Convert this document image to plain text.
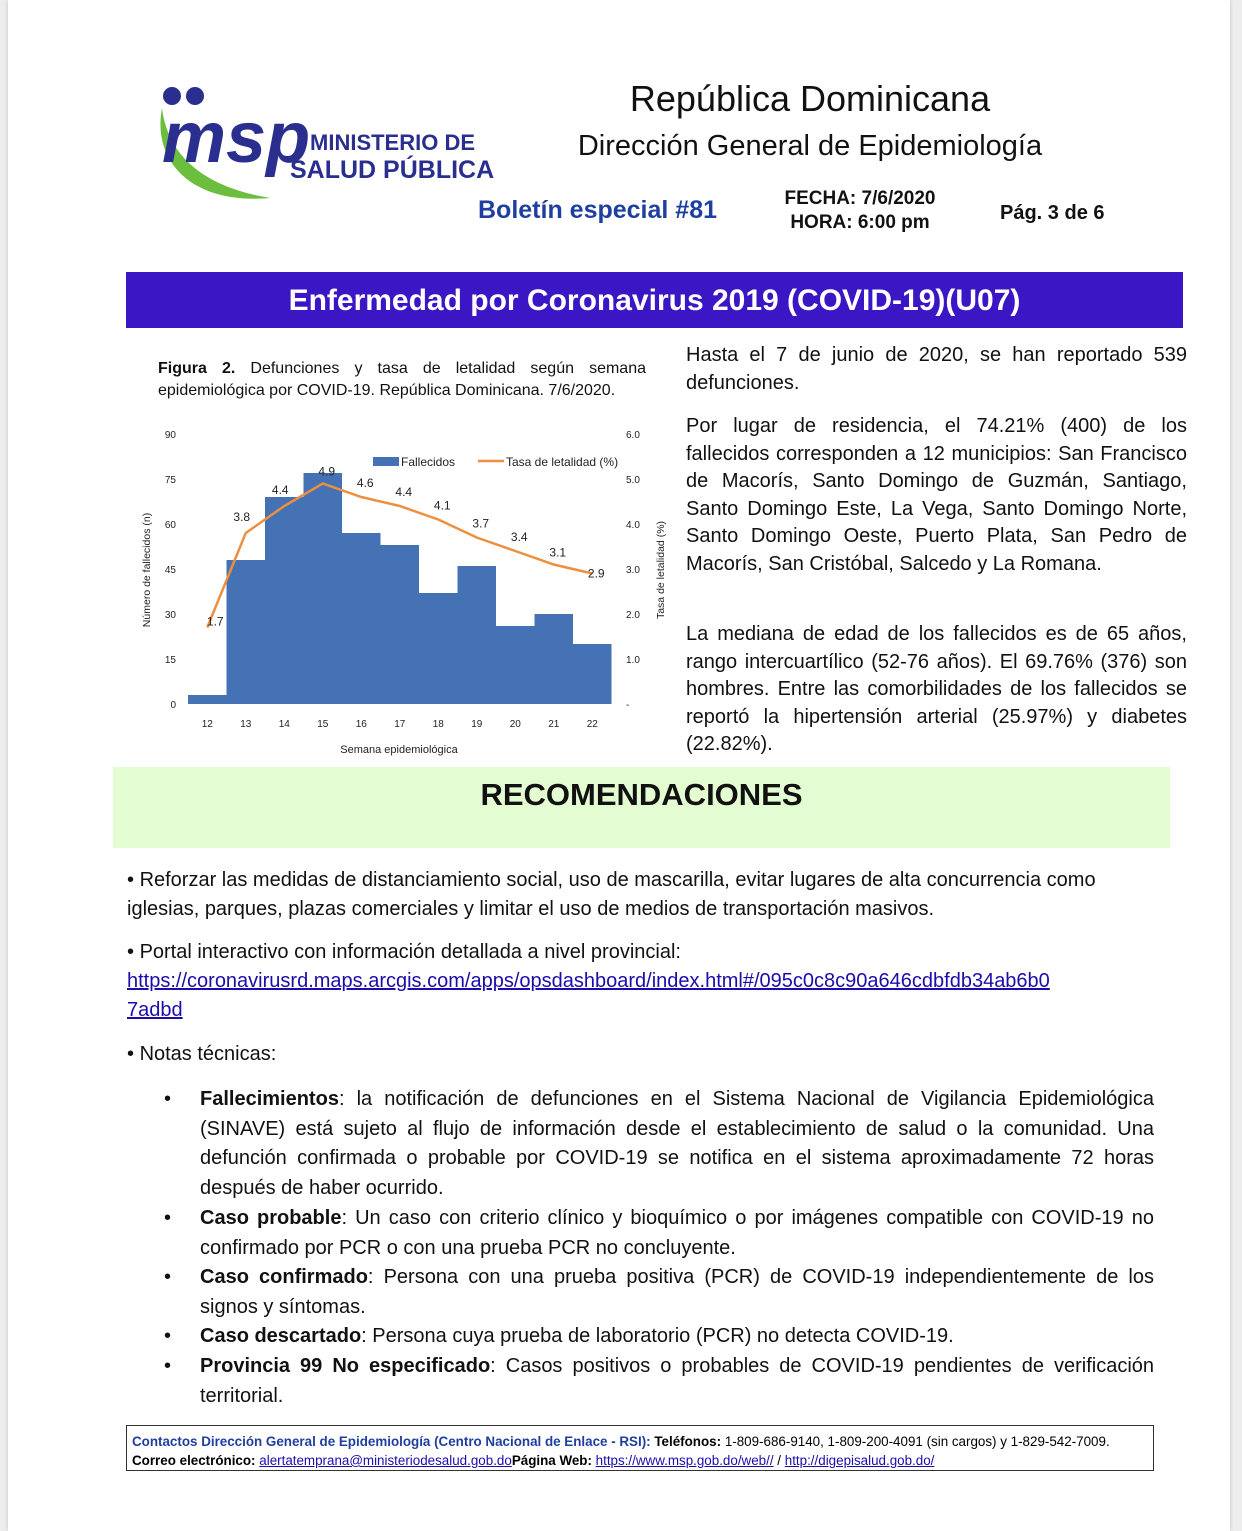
msp MINISTERIO DE
SALUD PÚBLICA
República Dominicana
Dirección General de Epidemiología
Boletín especial #81	FECHA: 7/6/2020
HORA: 6:00 pm	Pág. 3 de 6
Enfermedad por Coronavirus 2019 (COVID-19)(U07)
Figura 2. Defunciones y tasa de letalidad según semana epidemiológica por COVID-19. República Dominicana. 7/6/2020.
0
15
30
45
60
75
90
-
1.0
2.0
3.0
4.0
5.0
6.0
12	13	14	15	16	17	18	19	20	21	22
1.7
3.8
4.4
4.9
4.6
4.4
4.1
3.7
3.4
3.1
2.9
Fallecidos	Tasa de letalidad (%)
Semana epidemiológica
Número de fallecidos (n)	Tasa de letalidad (%)
Hasta el 7 de junio de 2020, se han reportado 539 defunciones.
Por lugar de residencia, el 74.21% (400) de los fallecidos corresponden a 12 municipios: San Francisco de Macorís, Santo Domingo de Guzmán, Santiago, Santo Domingo Este, La Vega, Santo Domingo Norte, Santo Domingo Oeste, Puerto Plata, San Pedro de Macorís, San Cristóbal, Salcedo y La Romana.
La mediana de edad de los fallecidos es de 65 años, rango intercuartílico (52-76 años). El 69.76% (376) son hombres. Entre las comorbilidades de los fallecidos se reportó la hipertensión arterial (25.97%) y diabetes (22.82%).
RECOMENDACIONES
• Reforzar las medidas de distanciamiento social, uso de mascarilla, evitar lugares de alta concurrencia como iglesias, parques, plazas comerciales y limitar el uso de medios de transportación masivos.
• Portal interactivo con información detallada a nivel provincial:
https://coronavirusrd.maps.arcgis.com/apps/opsdashboard/index.html#/095c0c8c90a646cdbfdb34ab6b0
7adbd
• Notas técnicas:
• Fallecimientos: la notificación de defunciones en el Sistema Nacional de Vigilancia Epidemiológica (SINAVE) está sujeto al flujo de información desde el establecimiento de salud o la comunidad. Una defunción confirmada o probable por COVID-19 se notifica en el sistema aproximadamente 72 horas después de haber ocurrido.
• Caso probable: Un caso con criterio clínico y bioquímico o por imágenes compatible con COVID-19 no confirmado por PCR o con una prueba PCR no concluyente.
• Caso confirmado: Persona con una prueba positiva (PCR) de COVID-19 independientemente de los signos y síntomas.
• Caso descartado: Persona cuya prueba de laboratorio (PCR) no detecta COVID-19.
• Provincia 99 No especificado: Casos positivos o probables de COVID-19 pendientes de verificación territorial.
Contactos Dirección General de Epidemiología (Centro Nacional de Enlace - RSI): Teléfonos: 1-809-686-9140, 1-809-200-4091 (sin cargos) y 1-829-542-7009. Correo electrónico: alertatemprana@ministeriodesalud.gob.doPágina Web: https://www.msp.gob.do/web// / http://digepisalud.gob.do/
